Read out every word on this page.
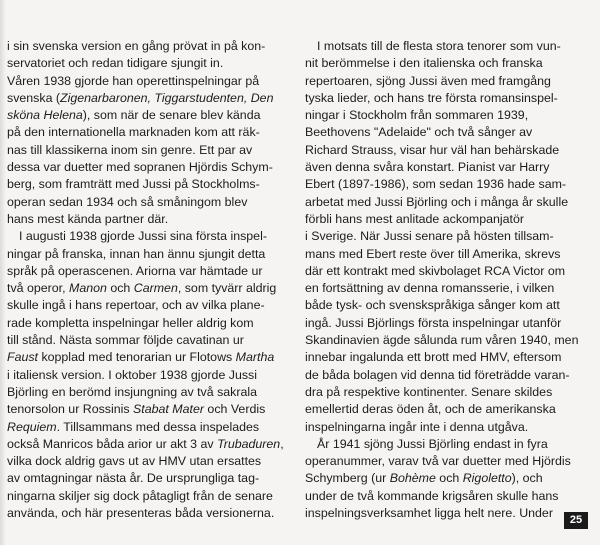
i sin svenska version en gång prövat in på kon-
servatoriet och redan tidigare sjungit in.
Våren 1938 gjorde han operettinspelningar på
svenska (Zigenarbaronen, Tiggarstudenten, Den
sköna Helena), som när de senare blev kända
på den internationella marknaden kom att räk-
nas till klassikerna inom sin genre. Ett par av
dessa var duetter med sopranen Hjördis Schym-
berg, som framträtt med Jussi på Stockholms-
operan sedan 1934 och så småningom blev
hans mest kända partner där.
I augusti 1938 gjorde Jussi sina första inspel-
ningar på franska, innan han ännu sjungit detta
språk på operascenen. Ariorna var hämtade ur
två operor, Manon och Carmen, som tyvärr aldrig
skulle ingå i hans repertoar, och av vilka plane-
rade kompletta inspelningar heller aldrig kom
till stånd. Nästa sommar följde cavatinan ur
Faust kopplad med tenorarian ur Flotows Martha
i italiensk version. I oktober 1938 gjorde Jussi
Björling en berömd insjungning av två sakrala
tenorsolon ur Rossinis Stabat Mater och Verdis
Requiem. Tillsammans med dessa inspelades
också Manricos båda arior ur akt 3 av Trubaduren,
vilka dock aldrig gavs ut av HMV utan ersattes
av omtagningar nästa år. De ursprungliga tag-
ningarna skiljer sig dock påtagligt från de senare
använda, och här presenteras båda versionerna.
I motsats till de flesta stora tenorer som vun-
nit berömmelse i den italienska och franska
repertoaren, sjöng Jussi även med framgång
tyska lieder, och hans tre första romansinspel-
ningar i Stockholm från sommaren 1939,
Beethovens "Adelaide" och två sånger av
Richard Strauss, visar hur väl han behärskade
även denna svåra konstart. Pianist var Harry
Ebert (1897-1986), som sedan 1936 hade sam-
arbetat med Jussi Björling och i många år skulle
förbli hans mest anlitade ackompanjatör
i Sverige. När Jussi senare på hösten tillsam-
mans med Ebert reste över till Amerika, skrevs
där ett kontrakt med skivbolaget RCA Victor om
en fortsättning av denna romansserie, i vilken
både tysk- och svenskspråkiga sånger kom att
ingå. Jussi Björlings första inspelningar utanför
Skandinavien ägde sålunda rum våren 1940, men
innebar ingalunda ett brott med HMV, eftersom
de båda bolagen vid denna tid företrädde varan-
dra på respektive kontinenter. Senare skildes
emellertid deras öden åt, och de amerikanska
inspelningarna ingår inte i denna utgåva.
År 1941 sjöng Jussi Björling endast in fyra
operanummer, varav två var duetter med Hjördis
Schymberg (ur Bohème och Rigoletto), och
under de två kommande krigsåren skulle hans
inspelningsverksamhet ligga helt nere. Under	25
